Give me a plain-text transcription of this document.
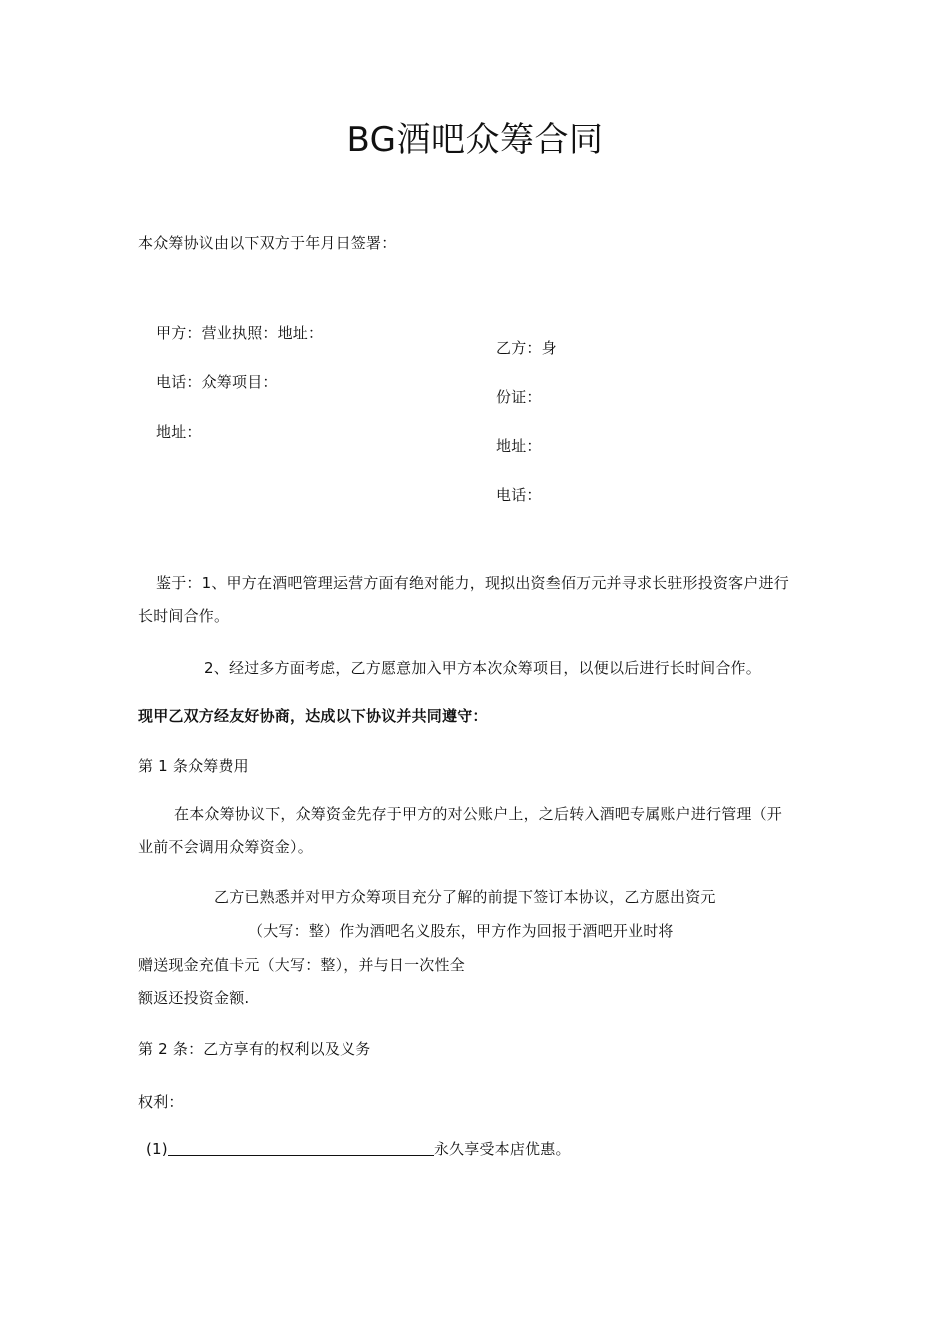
BG酒吧众筹合同
本众筹协议由以下双方于年月日签署：
甲方：营业执照：地址：
电话：众筹项目：
地址：
乙方：身
份证：
地址：
电话：
鉴于：1、甲方在酒吧管理运营方面有绝对能力，现拟出资叁佰万元并寻求长驻形投资客户进行
长时间合作。
2、经过多方面考虑，乙方愿意加入甲方本次众筹项目，以便以后进行长时间合作。
现甲乙双方经友好协商，达成以下协议并共同遵守：
第 1 条众筹费用
在本众筹协议下，众筹资金先存于甲方的对公账户上，之后转入酒吧专属账户进行管理（开
业前不会调用众筹资金）。
乙方已熟悉并对甲方众筹项目充分了解的前提下签订本协议，乙方愿出资元
（大写：整）作为酒吧名义股东，甲方作为回报于酒吧开业时将
赠送现金充值卡元（大写：整），并与日一次性全
额返还投资金额.
第 2 条：乙方享有的权利以及义务
权利：
(1)	永久享受本店优惠。
